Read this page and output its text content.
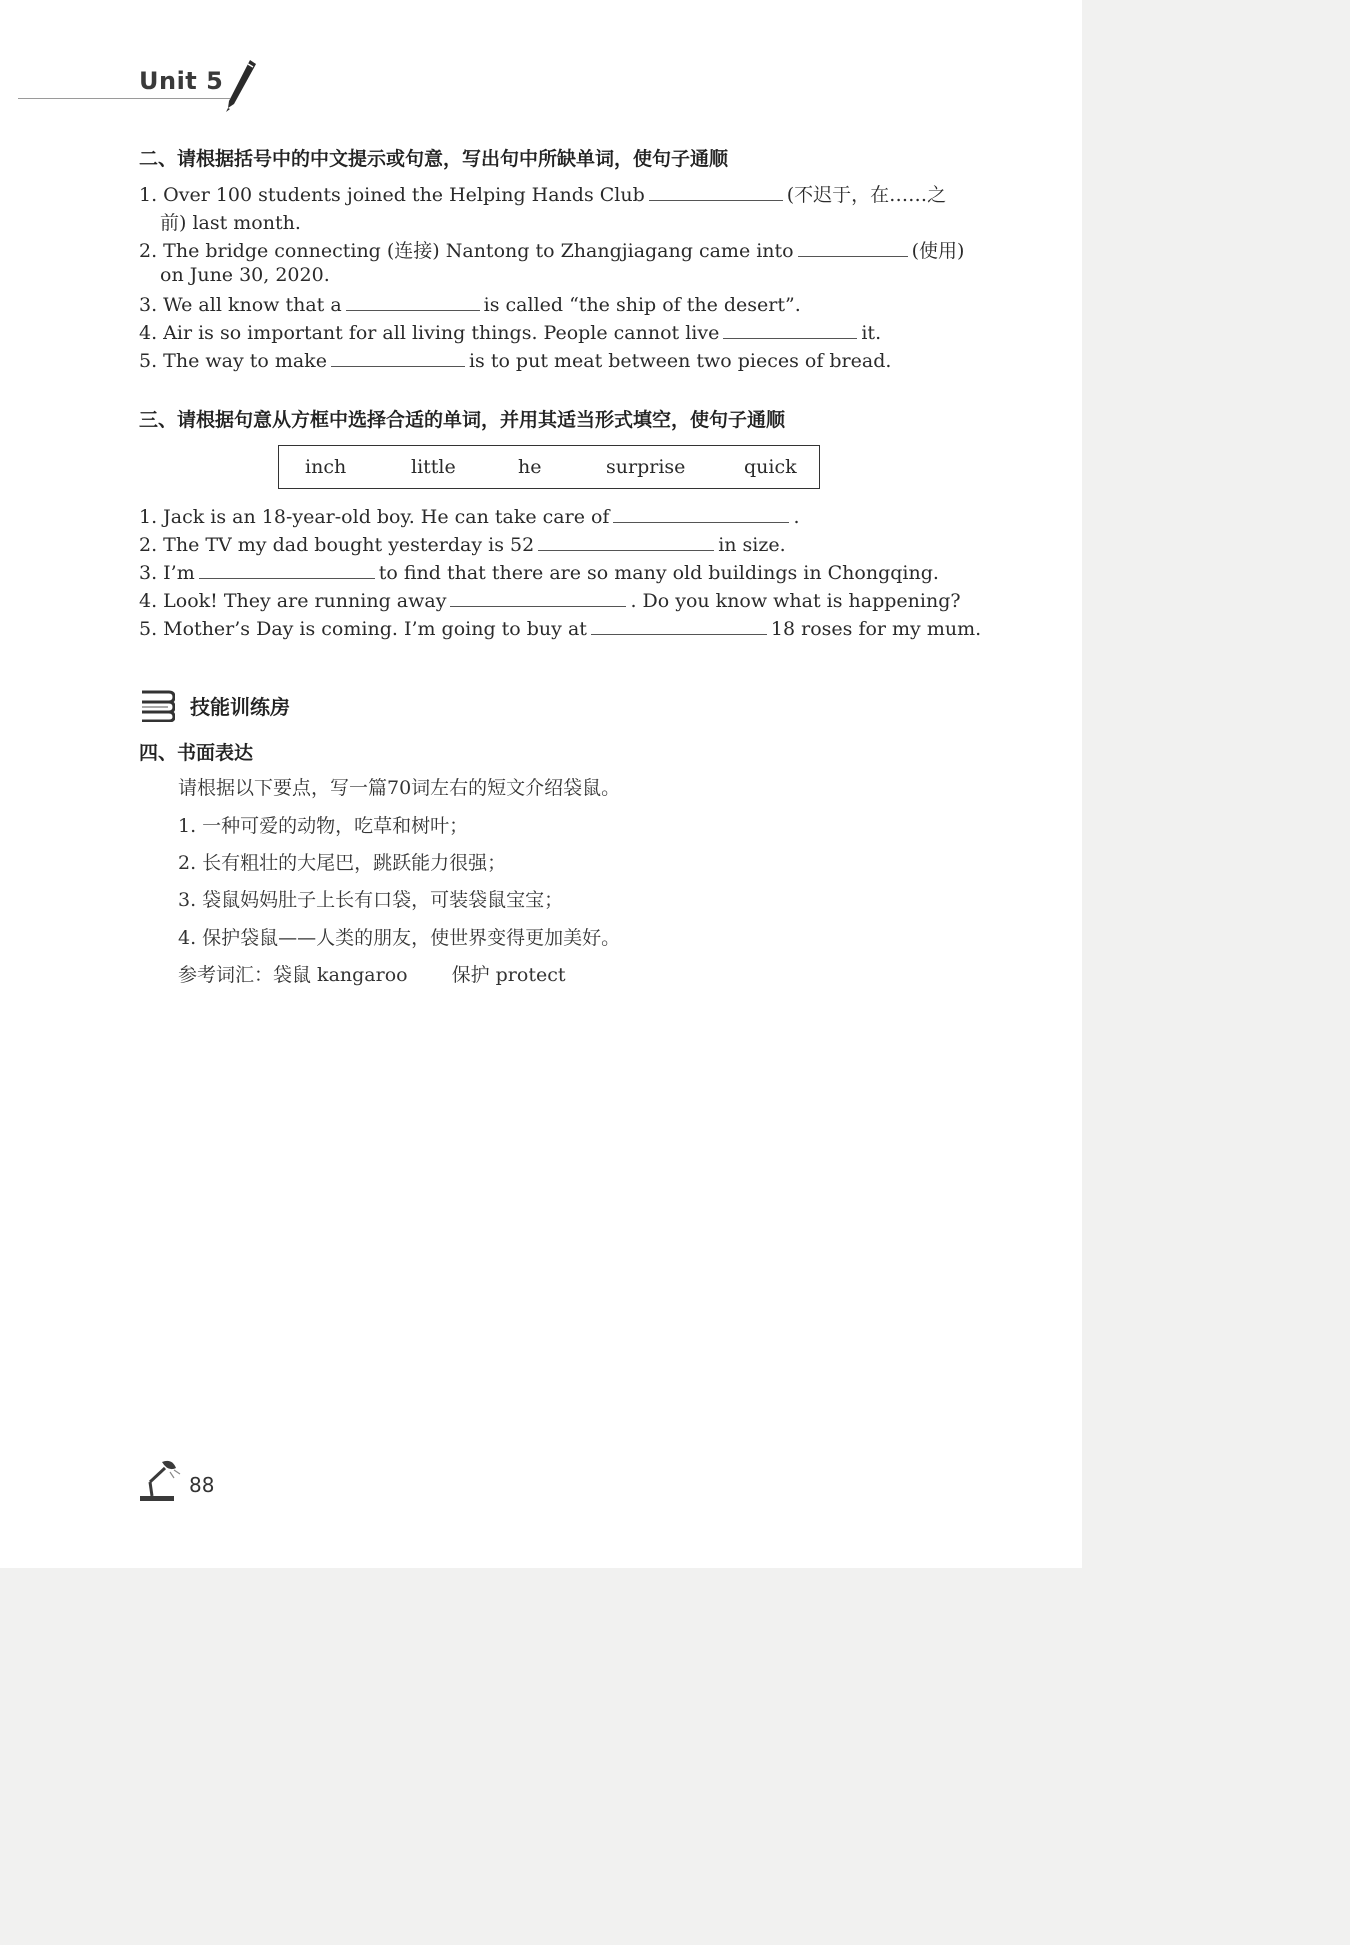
Unit 5
二、请根据括号中的中文提示或句意，写出句中所缺单词，使句子通顺
1. Over 100 students joined the Helping Hands Club	(不迟于，在……之
前) last month.
2. The bridge connecting (连接) Nantong to Zhangjiagang came into	(使用)
on June 30, 2020.
3. We all know that a	is called “the ship of the desert”.
4. Air is so important for all living things. People cannot live	it.
5. The way to make	is to put meat between two pieces of bread.
三、请根据句意从方框中选择合适的单词，并用其适当形式填空，使句子通顺
inch	little	he	surprise	quick
1. Jack is an 18-year-old boy. He can take care of	.
2. The TV my dad bought yesterday is 52	in size.
3. I’m	to find that there are so many old buildings in Chongqing.
4. Look! They are running away	. Do you know what is happening?
5. Mother’s Day is coming. I’m going to buy at	18 roses for my mum.
技能训练房
四、书面表达
请根据以下要点，写一篇70词左右的短文介绍袋鼠。
1. 一种可爱的动物，吃草和树叶；
2. 长有粗壮的大尾巴，跳跃能力很强；
3. 袋鼠妈妈肚子上长有口袋，可装袋鼠宝宝；
4. 保护袋鼠——人类的朋友，使世界变得更加美好。
参考词汇：袋鼠 kangaroo 保护 protect
88
